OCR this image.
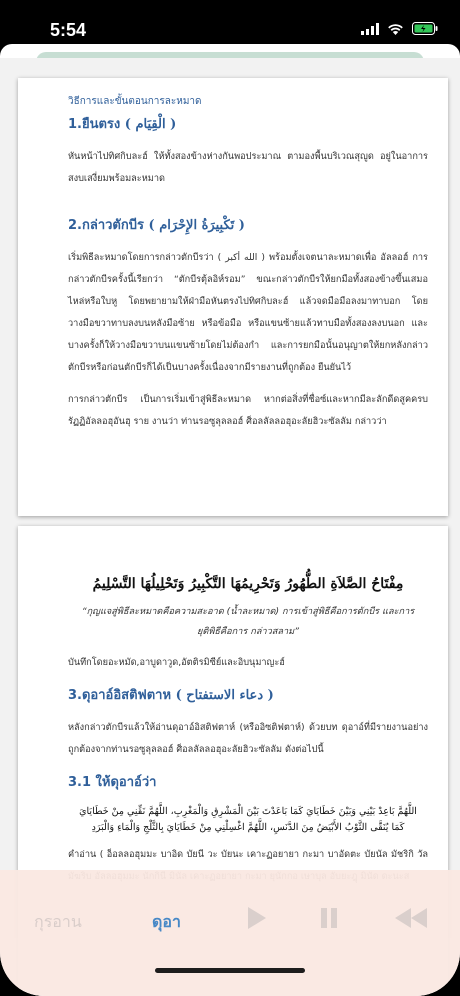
5:54
วิธีการและขั้นตอนการละหมาด
1.ยืนตรง ( الْقِيَام )

หันหน้าไปทิศกิบละฮ์ ให้ทั้งสองข้างห่างกันพอประมาณ ตามองพื้นบริเวณสุญูด อยู่ในอาการ สงบเสงี่ยมพร้อมละหมาด

2.กล่าวตักบีร ( تَكْبِيرَةُ الإِحْرَام )

เริ่มพิธีละหมาดโดยการกล่าวตักบีรว่า ( الله أكبر ) พร้อมตั้งเจตนาละหมาดเพื่อ อัลลอฮ์ การกล่าวตักบีรครั้งนี้เรียกว่า “ตักบีรตุ้ลอิห์รอม” ขณะกล่าวตักบีรให้ยกมือทั้งสองข้างขึ้นเสมอไหล่หรือใบหู โดยพยายามให้ฝ่ามือหันตรงไปทิศกิบละฮ์ แล้วจดมือมือลงมาทาบอก โดยวางมือขวาทาบลงบนหลังมือซ้าย หรือข้อมือ หรือแขนซ้ายแล้วทาบมือทั้งสองลงบนอก และบางครั้งก็ให้วางมือขวาบนแขนซ้ายโดยไม่ต้องกำ และการยกมือนั้นอนุญาตให้ยกหลังกล่าวตักบีรหรือก่อนตักบีรก็ได้เป็นบางครั้งเนื่องจากมีรายงานที่ถูกต้อง ยืนยันไว้

การกล่าวตักบีร เป็นการเริ่มเข้าสู่พิธีละหมาด หากต่อสิ่งที่ชื่อซ์และหากมีละลักดีดสูคครบ รัฏฏิอัลลอฮุอันฮุ ราย งานว่า ท่านรอซูลุลลอฮ์ ศ็อลลัลลอฮุอะลัยฮิวะซัลลัม กล่าวว่า

مِفْتَاحُ الصَّلاَةِ الطُّهُورُ وَتَحْرِيمُهَا التَّكْبِيرُ وَتَحْلِيلُهَا التَّسْلِيمُ
“กุญแจสู่พิธีละหมาดคือความสะอาด (น้ำละหมาด) การเข้าสู่พิธีคือการตักบีร และการ
ยุติพิธีคือการ กล่าวสลาม”

บันทึกโดยอะหมัด,อาบูดาวูด,อัตติรมิซีย์และอิบนุมาญะฮ์

3.ดุอาอ์อิสติฟตาห ( دعاء الاستفتاح )

หลังกล่าวตักบีรแล้วให้อ่านดุอาอ์อิสติฟตาห์ (หรืออิซติฟตาห์) ด้วยบท ดุอาอ์ที่มีรายงานอย่างถูกต้องจากท่านรอซูลุลลอฮ์ ศ็อลลัลลอฮุอะลัยฮิวะซัลลัม ดังต่อไปนี้

3.1 ให้ดุอาอ์ว่า
اللَّهُمَّ بَاعِدْ بَيْنِي وَبَيْنَ خَطَايَايَ كَمَا بَاعَدْتَ بَيْنَ الْمَشْرِقِ وَالْمَغْرِبِ، اللَّهُمَّ نَقِّنِي مِنْ خَطَايَايَ
كَمَا يُنَقَّى الثَّوْبُ الأَبْيَضُ مِنَ الدَّنَسِ، اللَّهُمَّ اغْسِلْنِي مِنْ خَطَايَايَ بِالثَّلْجِ وَالْمَاءِ وَالْبَرَدِ

คำอ่าน ( อ็อลลอฮุมมะ บาอิด บัยนี วะ บัยนะ เคาะฏอยายา กะมา บาอัดตะ บัยนัล มัชริกิ วัล

กุรอาน	ดุอา
